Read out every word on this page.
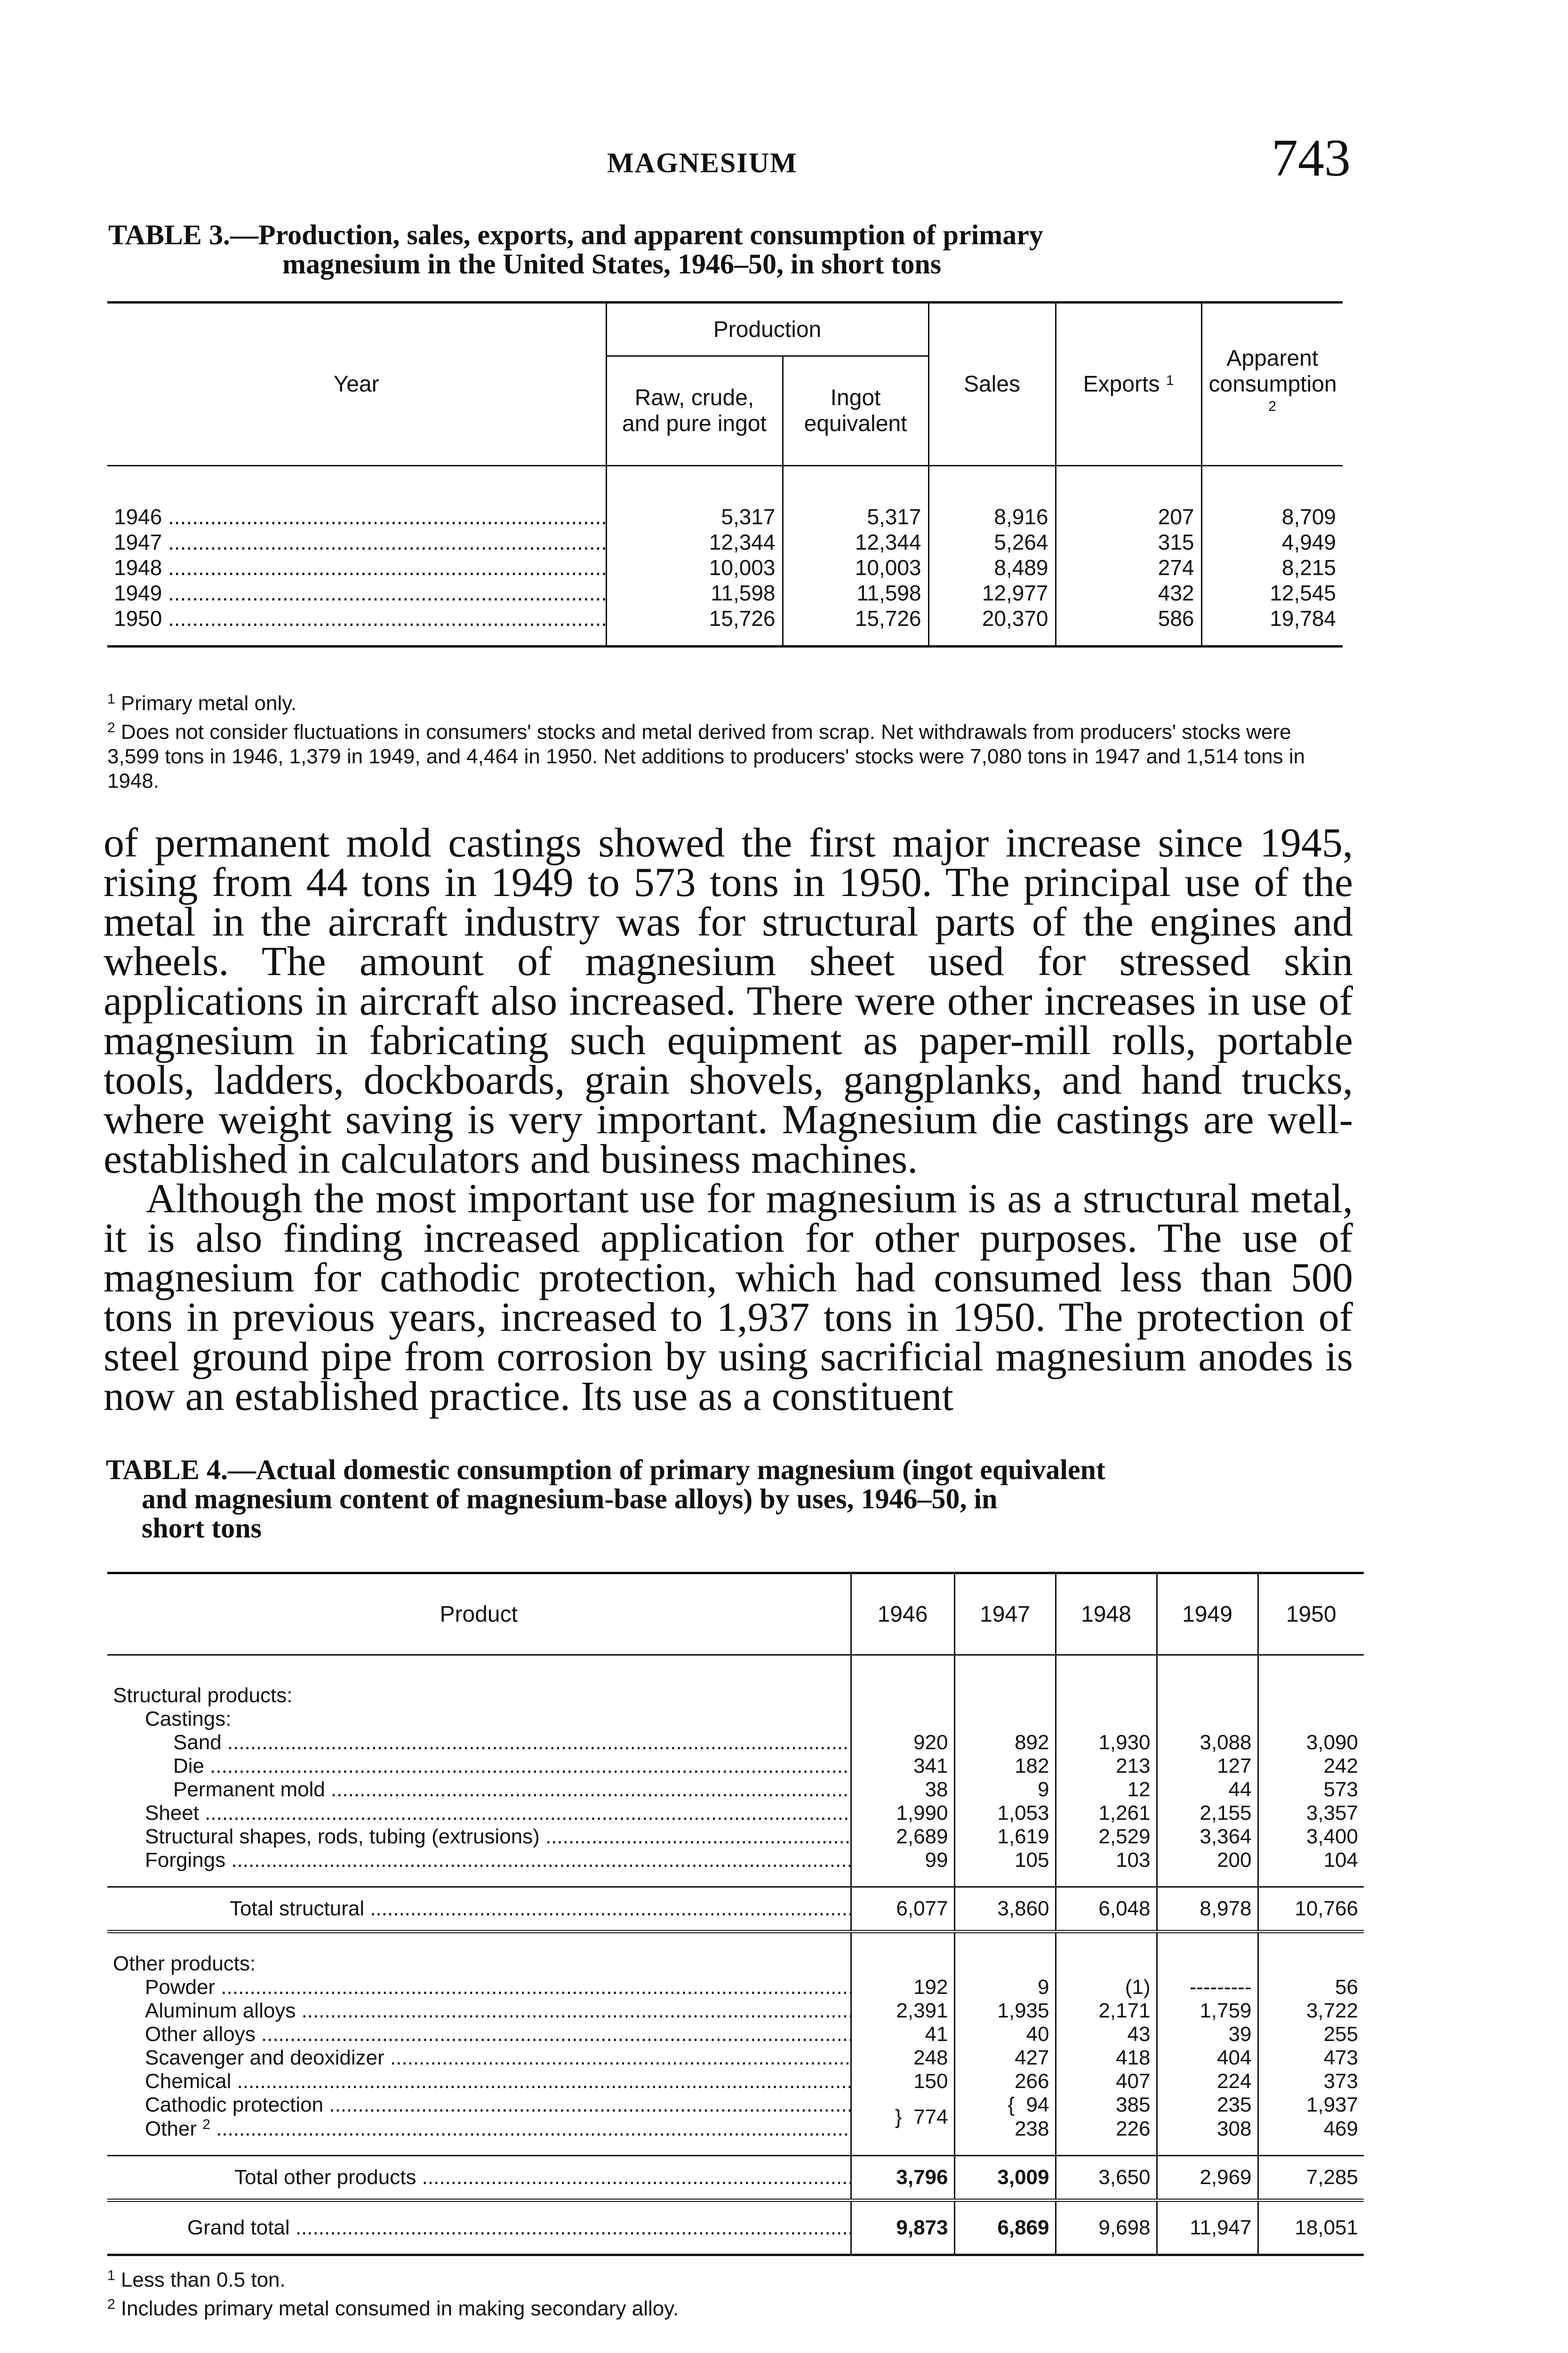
MAGNESIUM	743
TABLE 3.—Production, sales, exports, and apparent consumption of primary
magnesium in the United States, 1946–50, in short tons
Year	Production		Sales	Exports $^1$	Apparent consumption $^2$
	Raw, crude, and pure ingot	Ingot equivalent			
1946 .....	5,317	5,317	8,916	207	8,709
1947 .....	12,344	12,344	5,264	315	4,949
1948 .....	10,003	10,003	8,489	274	8,215
1949 .....	11,598	11,598	12,977	432	12,545
1950 .....	15,726	15,726	20,370	586	19,784
$^1$ Primary metal only.
$^2$ Does not consider fluctuations in consumers' stocks and metal derived from scrap. Net withdrawals from producers' stocks were 3,599 tons in 1946, 1,379 in 1949, and 4,464 in 1950. Net additions to producers' stocks were 7,080 tons in 1947 and 1,514 tons in 1948.

of permanent mold castings showed the first major increase since 1945, rising from 44 tons in 1949 to 573 tons in 1950. The principal use of the metal in the aircraft industry was for structural parts of the engines and wheels. The amount of magnesium sheet used for stressed skin applications in aircraft also increased. There were other increases in use of magnesium in fabricating such equipment as paper-mill rolls, portable tools, ladders, dockboards, grain shovels, gangplanks, and hand trucks, where weight saving is very important. Magnesium die castings are well-established in calculators and business machines.

Although the most important use for magnesium is as a structural metal, it is also finding increased application for other purposes. The use of magnesium for cathodic protection, which had consumed less than 500 tons in previous years, increased to 1,937 tons in 1950. The protection of steel ground pipe from corrosion by using sacrificial magnesium anodes is now an established practice. Its use as a constituent

TABLE 4.—Actual domestic consumption of primary magnesium (ingot equivalent
and magnesium content of magnesium-base alloys) by uses, 1946–50, in
short tons
Product	1946	1947	1948	1949	1950
Structural products:					
Castings:					
Sand .....	920	892	1,930	3,088	3,090
Die .....	341	182	213	127	242
Permanent mold .....	38	9	12	44	573
Sheet .....	1,990	1,053	1,261	2,155	3,357
Structural shapes, rods, tubing (extrusions) .....	2,689	1,619	2,529	3,364	3,400
Forgings .....	99	105	103	200	104
Total structural .....	6,077	3,860	6,048	8,978	10,766
Other products:					
Powder .....	192	9	(1)	---------	56
Aluminum alloys .....	2,391	1,935	2,171	1,759	3,722
Other alloys .....	41	40	43	39	255
Scavenger and deoxidizer .....	248	427	418	404	473
Chemical .....	150	266	407	224	373
Cathodic protection .....	}  774	{  94	385	235	1,937
Other $^2$ .....		238	226	308	469
Total other products .....	3,796	3,009	3,650	2,969	7,285
Grand total .....	9,873	6,869	9,698	11,947	18,051
$^1$ Less than 0.5 ton.
$^2$ Includes primary metal consumed in making secondary alloy.
